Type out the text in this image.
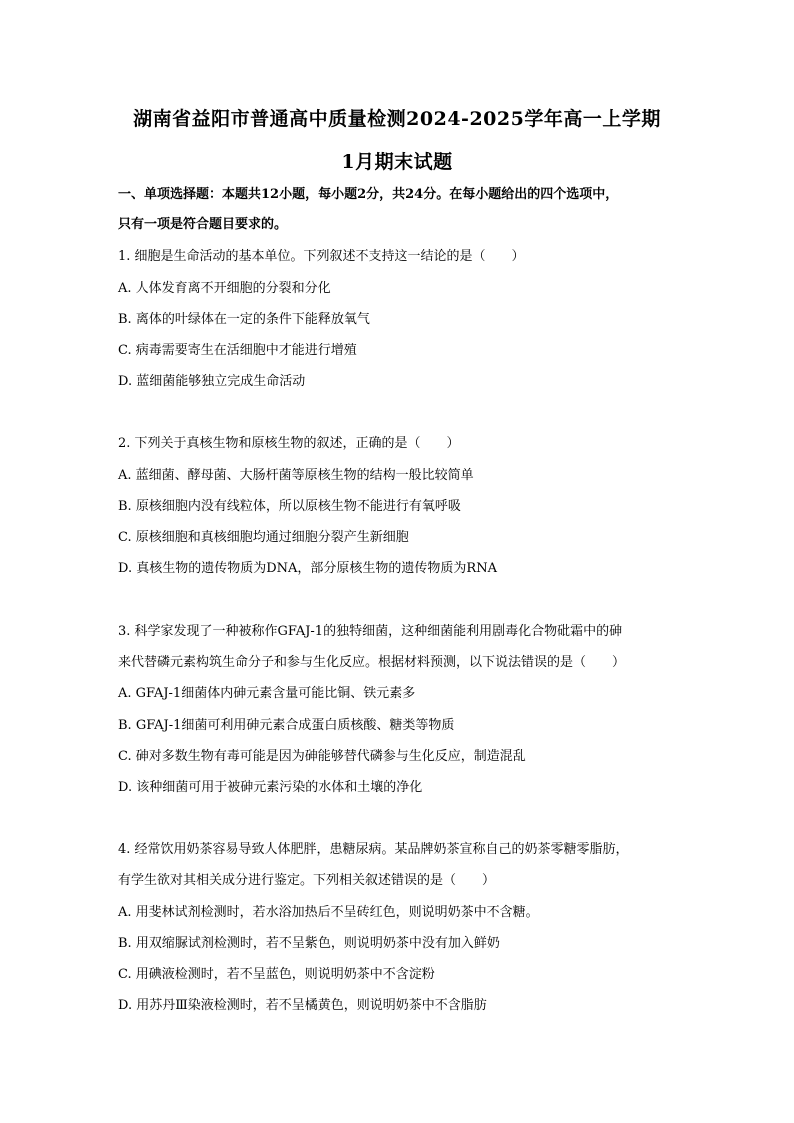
湖南省益阳市普通高中质量检测2024-2025学年高一上学期
1月期末试题
一、单项选择题：本题共12小题，每小题2分，共24分。在每小题给出的四个选项中，
只有一项是符合题目要求的。
1. 细胞是生命活动的基本单位。下列叙述不支持这一结论的是（　　）
A. 人体发育离不开细胞的分裂和分化
B. 离体的叶绿体在一定的条件下能释放氧气
C. 病毒需要寄生在活细胞中才能进行增殖
D. 蓝细菌能够独立完成生命活动
2. 下列关于真核生物和原核生物的叙述，正确的是（　　）
A. 蓝细菌、酵母菌、大肠杆菌等原核生物的结构一般比较简单
B. 原核细胞内没有线粒体，所以原核生物不能进行有氧呼吸
C. 原核细胞和真核细胞均通过细胞分裂产生新细胞
D. 真核生物的遗传物质为DNA，部分原核生物的遗传物质为RNA
3. 科学家发现了一种被称作GFAJ-1的独特细菌，这种细菌能利用剧毒化合物砒霜中的砷
来代替磷元素构筑生命分子和参与生化反应。根据材料预测，以下说法错误的是（　　）
A. GFAJ-1细菌体内砷元素含量可能比铜、铁元素多
B. GFAJ-1细菌可利用砷元素合成蛋白质核酸、糖类等物质
C. 砷对多数生物有毒可能是因为砷能够替代磷参与生化反应，制造混乱
D. 该种细菌可用于被砷元素污染的水体和土壤的净化
4. 经常饮用奶茶容易导致人体肥胖，患糖尿病。某品牌奶茶宣称自己的奶茶零糖零脂肪，
有学生欲对其相关成分进行鉴定。下列相关叙述错误的是（　　）
A. 用斐林试剂检测时，若水浴加热后不呈砖红色，则说明奶茶中不含糖。
B. 用双缩脲试剂检测时，若不呈紫色，则说明奶茶中没有加入鲜奶
C. 用碘液检测时，若不呈蓝色，则说明奶茶中不含淀粉
D. 用苏丹Ⅲ染液检测时，若不呈橘黄色，则说明奶茶中不含脂肪
